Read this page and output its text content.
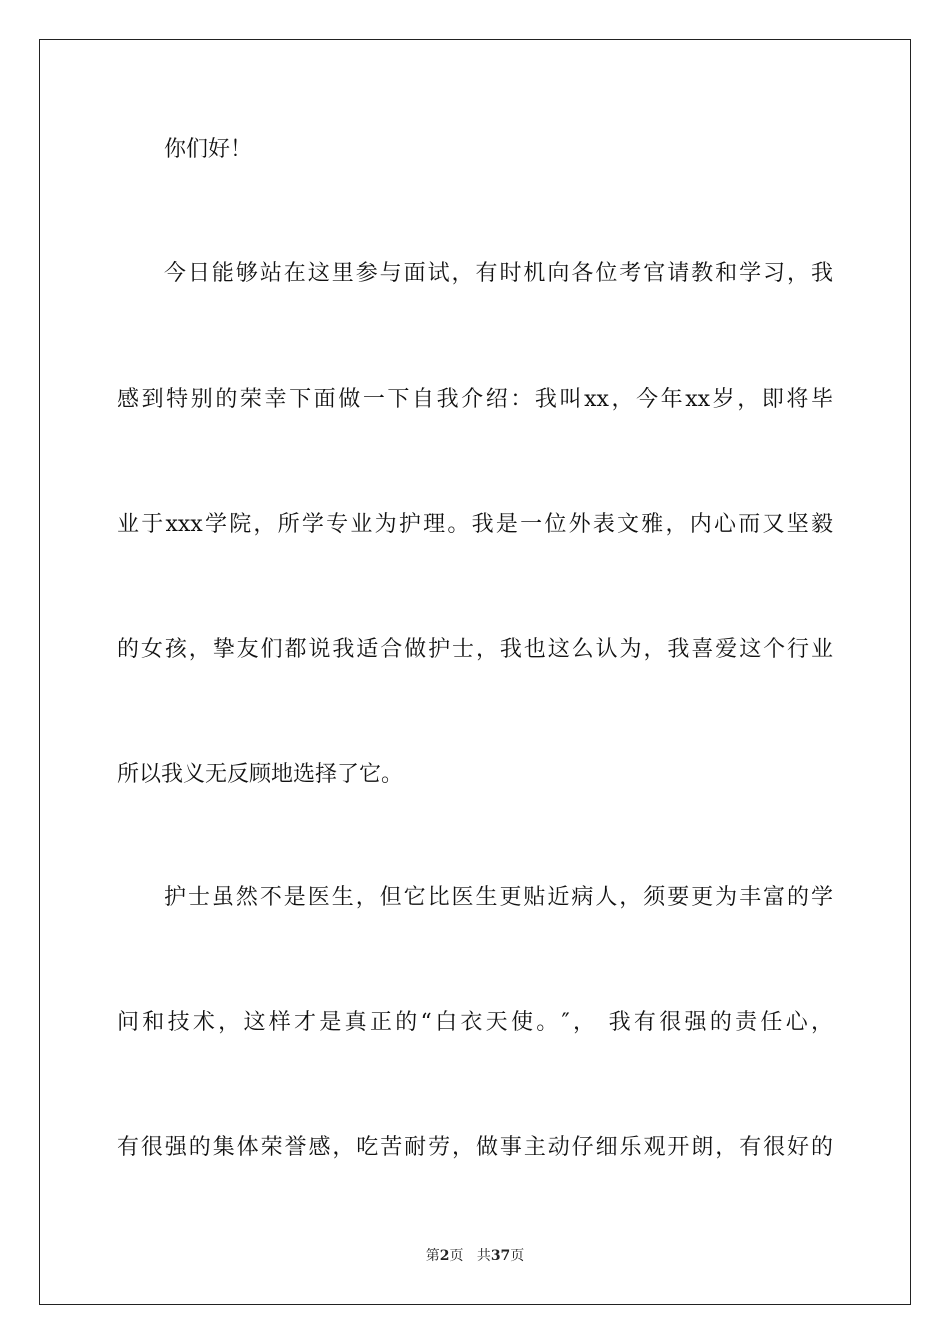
你们好！
今日能够站在这里参与面试，有时机向各位考官请教和学习，我
感到特别的荣幸下面做一下自我介绍：我叫xx，今年xx岁，即将毕
业于xxx学院，所学专业为护理。我是一位外表文雅，内心而又坚毅
的女孩，挚友们都说我适合做护士，我也这么认为，我喜爱这个行业
所以我义无反顾地选择了它。
护士虽然不是医生，但它比医生更贴近病人，须要更为丰富的学
问和技术，这样才是真正的“白衣天使。″， 我有很强的责任心，
有很强的集体荣誉感，吃苦耐劳，做事主动仔细乐观开朗，有很好的
第2页 共37页
